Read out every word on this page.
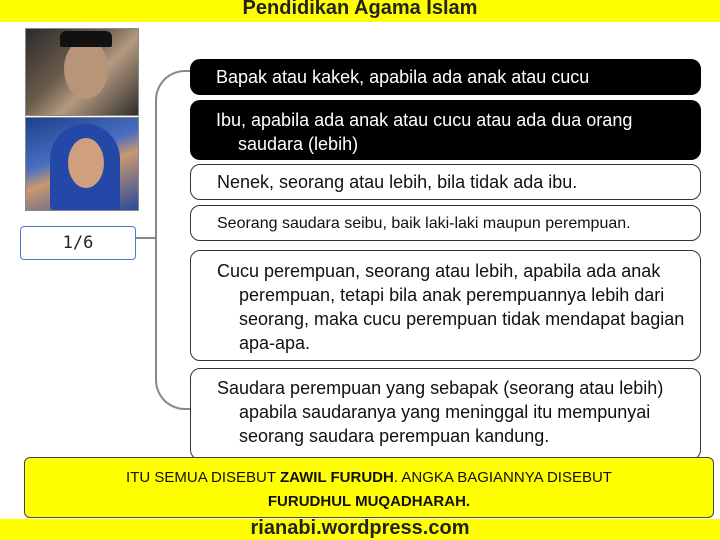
Pendidikan Agama Islam
1/6

Bapak atau kakek, apabila ada anak atau cucu

Ibu, apabila ada anak atau cucu atau ada dua orang saudara (lebih)

Nenek, seorang atau lebih, bila tidak ada ibu.

Seorang saudara seibu, baik laki-laki maupun perempuan.

Cucu perempuan, seorang atau lebih, apabila ada anak perempuan, tetapi bila anak perempuannya lebih dari seorang, maka cucu perempuan tidak mendapat bagian apa-apa.

Saudara perempuan yang sebapak (seorang atau lebih) apabila saudaranya yang meninggal itu mempunyai seorang saudara perempuan kandung.

ITU SEMUA DISEBUT ZAWIL FURUDH. ANGKA BAGIANNYA DISEBUT
FURUDHUL MUQADHARAH.
rianabi.wordpress.com
